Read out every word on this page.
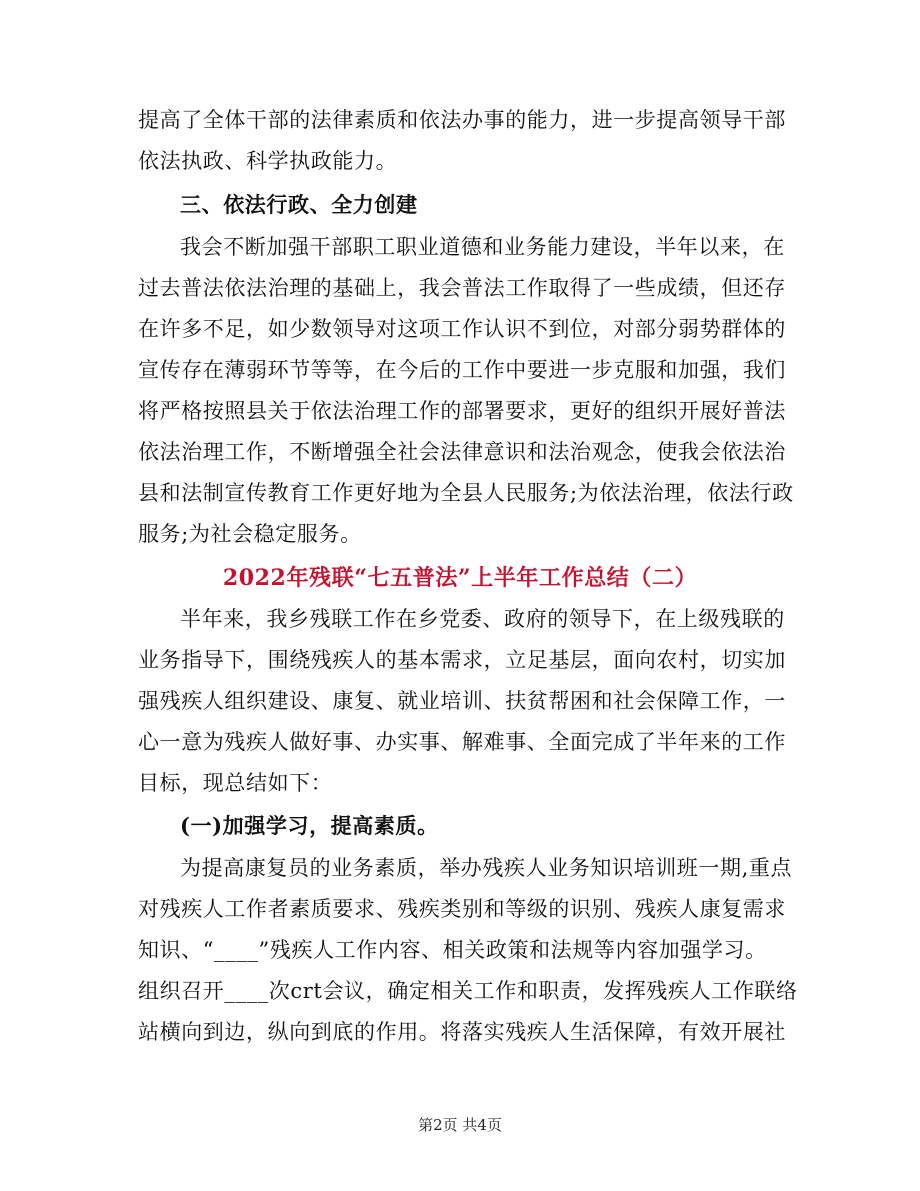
提高了全体干部的法律素质和依法办事的能力，进一步提高领导干部
依法执政、科学执政能力。
三、依法行政、全力创建
我会不断加强干部职工职业道德和业务能力建设，半年以来，在
过去普法依法治理的基础上，我会普法工作取得了一些成绩，但还存
在许多不足，如少数领导对这项工作认识不到位，对部分弱势群体的
宣传存在薄弱环节等等，在今后的工作中要进一步克服和加强，我们
将严格按照县关于依法治理工作的部署要求，更好的组织开展好普法
依法治理工作，不断增强全社会法律意识和法治观念，使我会依法治
县和法制宣传教育工作更好地为全县人民服务;为依法治理，依法行政
服务;为社会稳定服务。
2022年残联“七五普法”上半年工作总结（二）
半年来，我乡残联工作在乡党委、政府的领导下，在上级残联的
业务指导下，围绕残疾人的基本需求，立足基层，面向农村，切实加
强残疾人组织建设、康复、就业培训、扶贫帮困和社会保障工作，一
心一意为残疾人做好事、办实事、解难事、全面完成了半年来的工作
目标，现总结如下：
(一)加强学习，提高素质。
为提高康复员的业务素质，举办残疾人业务知识培训班一期,重点
对残疾人工作者素质要求、残疾类别和等级的识别、残疾人康复需求
知识、“____”残疾人工作内容、相关政策和法规等内容加强学习。
组织召开____次crt会议，确定相关工作和职责，发挥残疾人工作联络
站横向到边，纵向到底的作用。将落实残疾人生活保障，有效开展社
第2页 共4页
